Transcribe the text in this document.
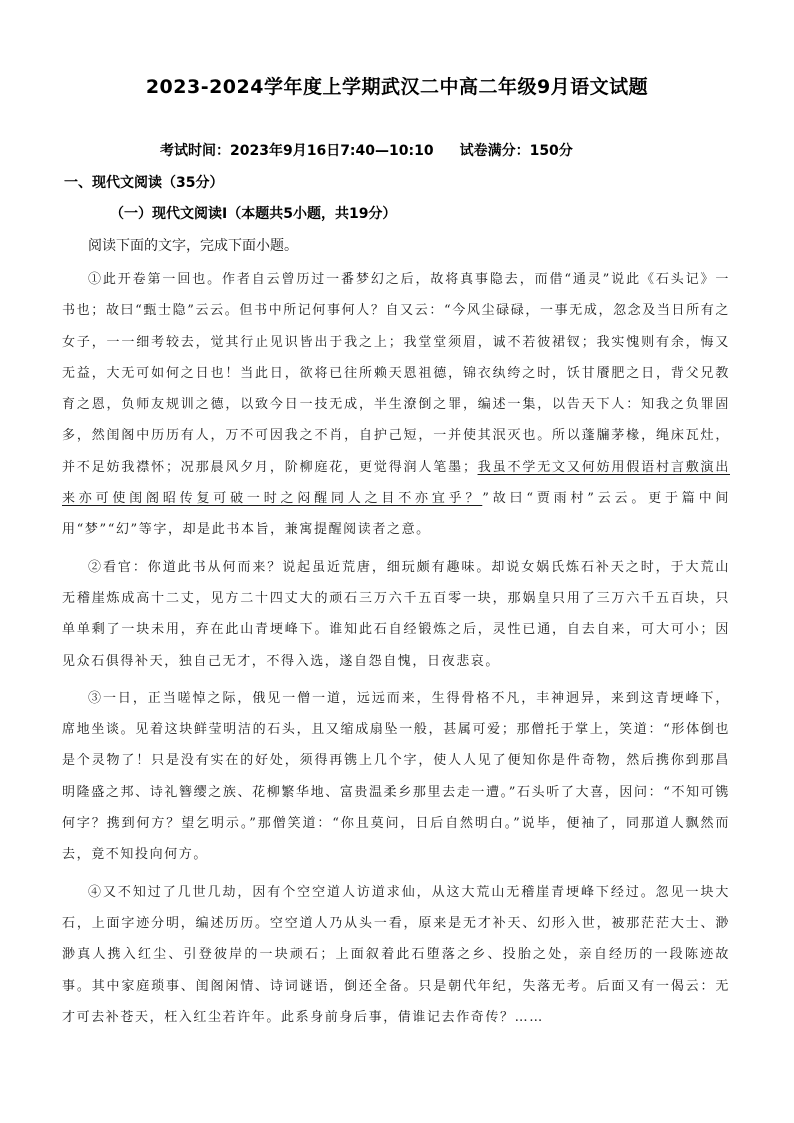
2023-2024学年度上学期武汉二中高二年级9月语文试题
考试时间：2023年9月16日7:40—10:10 试卷满分：150分
一、现代文阅读（35分）
（一）现代文阅读Ⅰ（本题共5小题，共19分）
阅读下面的文字，完成下面小题。

①此开卷第一回也。作者自云曾历过一番梦幻之后，故将真事隐去，而借“通灵”说此《石头记》一书也；故曰“甄士隐”云云。但书中所记何事何人？自又云：“今风尘碌碌，一事无成，忽念及当日所有之女子，一一细考较去，觉其行止见识皆出于我之上；我堂堂须眉，诚不若彼裙钗；我实愧则有余，悔又无益，大无可如何之日也！当此日，欲将已往所赖天恩祖德，锦衣纨绔之时，饫甘餍肥之日，背父兄教育之恩，负师友规训之德，以致今日一技无成，半生潦倒之罪，编述一集，以告天下人：知我之负罪固多，然闺阁中历历有人，万不可因我之不肖，自护己短，一并使其泯灭也。所以蓬牖茅椽，绳床瓦灶，并不足妨我襟怀；况那晨风夕月，阶柳庭花，更觉得润人笔墨；我虽不学无文又何妨用假语村言敷演出来亦可使闺阁昭传复可破一时之闷醒同人之目不亦宜乎？”故曰“贾雨村”云云。更于篇中间用“梦”“幻”等字，却是此书本旨，兼寓提醒阅读者之意。

②看官：你道此书从何而来？说起虽近荒唐，细玩颇有趣味。却说女娲氏炼石补天之时，于大荒山无稽崖炼成高十二丈，见方二十四丈大的顽石三万六千五百零一块，那娲皇只用了三万六千五百块，只单单剩了一块未用，弃在此山青埂峰下。谁知此石自经锻炼之后，灵性已通，自去自来，可大可小；因见众石俱得补天，独自己无才，不得入选，遂自怨自愧，日夜悲哀。

③一日，正当嗟悼之际，俄见一僧一道，远远而来，生得骨格不凡，丰神迥异，来到这青埂峰下，席地坐谈。见着这块鲜莹明洁的石头，且又缩成扇坠一般，甚属可爱；那僧托于掌上，笑道：“形体倒也是个灵物了！只是没有实在的好处，须得再镌上几个字，使人人见了便知你是件奇物，然后携你到那昌明隆盛之邦、诗礼簪缨之族、花柳繁华地、富贵温柔乡那里去走一遭。”石头听了大喜，因问：“不知可镌何字？携到何方？望乞明示。”那僧笑道：“你且莫问，日后自然明白。”说毕，便袖了，同那道人飘然而去，竟不知投向何方。

④又不知过了几世几劫，因有个空空道人访道求仙，从这大荒山无稽崖青埂峰下经过。忽见一块大石，上面字迹分明，编述历历。空空道人乃从头一看，原来是无才补天、幻形入世，被那茫茫大士、渺渺真人携入红尘、引登彼岸的一块顽石；上面叙着此石堕落之乡、投胎之处，亲自经历的一段陈迹故事。其中家庭琐事、闺阁闲情、诗词谜语，倒还全备。只是朝代年纪，失落无考。后面又有一偈云：无才可去补苍天，枉入红尘若许年。此系身前身后事，倩谁记去作奇传？……
